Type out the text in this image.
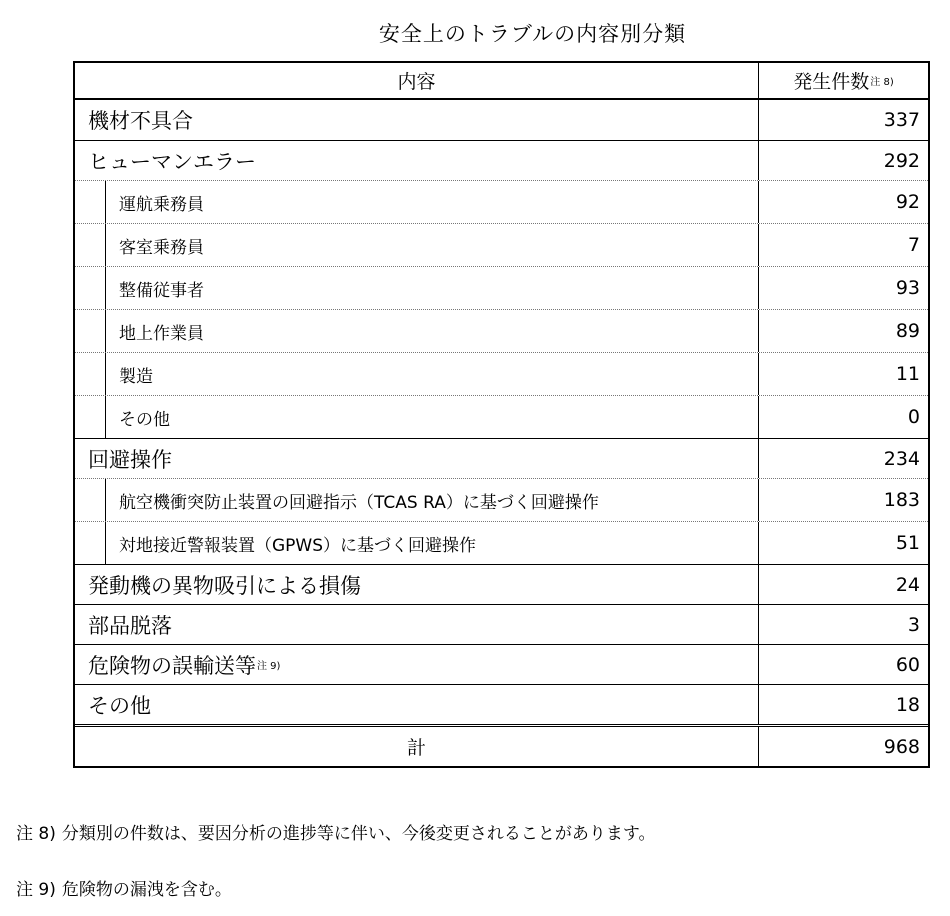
安全上のトラブルの内容別分類
内容	発生件数 注 8)
機材不具合	337
ヒューマンエラー	292
運航乗務員	92
客室乗務員	7
整備従事者	93
地上作業員	89
製造	11
その他	0
回避操作	234
航空機衝突防止装置の回避指示（TCAS RA）に基づく回避操作	183
対地接近警報装置（GPWS）に基づく回避操作	51
発動機の異物吸引による損傷	24
部品脱落	3
危険物の誤輸送等 注 9)	60
その他	18
計	968
注 8) 分類別の件数は、要因分析の進捗等に伴い、今後変更されることがあります。
注 9) 危険物の漏洩を含む。
